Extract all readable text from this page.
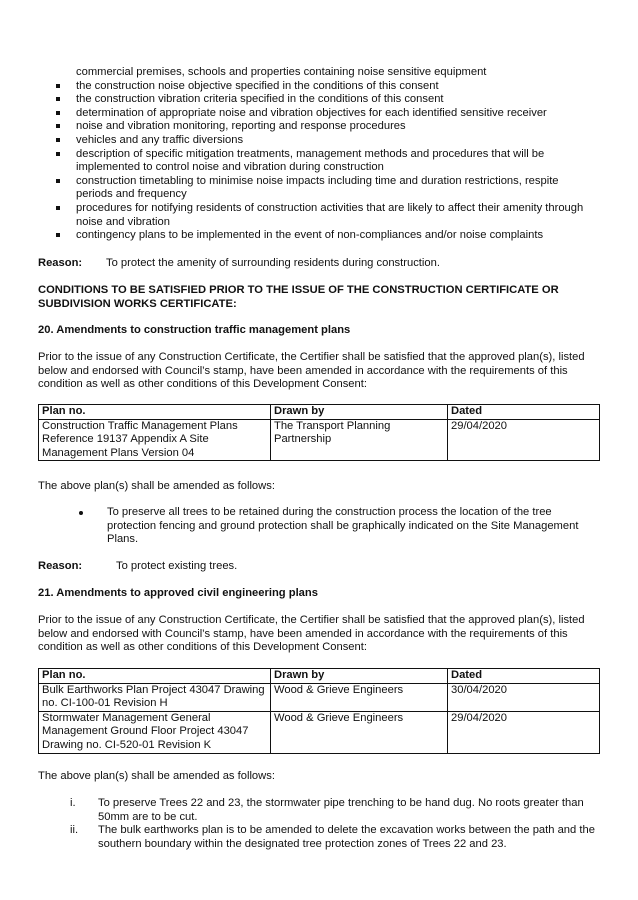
commercial premises, schools and properties containing noise sensitive equipment
the construction noise objective specified in the conditions of this consent
the construction vibration criteria specified in the conditions of this consent
determination of appropriate noise and vibration objectives for each identified sensitive receiver
noise and vibration monitoring, reporting and response procedures
vehicles and any traffic diversions
description of specific mitigation treatments, management methods and procedures that will be implemented to control noise and vibration during construction
construction timetabling to minimise noise impacts including time and duration restrictions, respite periods and frequency
procedures for notifying residents of construction activities that are likely to affect their amenity through noise and vibration
contingency plans to be implemented in the event of non-compliances and/or noise complaints
Reason: To protect the amenity of surrounding residents during construction.
CONDITIONS TO BE SATISFIED PRIOR TO THE ISSUE OF THE CONSTRUCTION CERTIFICATE OR SUBDIVISION WORKS CERTIFICATE:
20. Amendments to construction traffic management plans
Prior to the issue of any Construction Certificate, the Certifier shall be satisfied that the approved plan(s), listed below and endorsed with Council’s stamp, have been amended in accordance with the requirements of this condition as well as other conditions of this Development Consent:
Plan no.	Drawn by	Dated
Construction Traffic Management Plans Reference 19137 Appendix A Site Management Plans Version 04	The Transport Planning Partnership	29/04/2020
The above plan(s) shall be amended as follows:
To preserve all trees to be retained during the construction process the location of the tree protection fencing and ground protection shall be graphically indicated on the Site Management Plans.
Reason:	To protect existing trees.
21. Amendments to approved civil engineering plans
Prior to the issue of any Construction Certificate, the Certifier shall be satisfied that the approved plan(s), listed below and endorsed with Council’s stamp, have been amended in accordance with the requirements of this condition as well as other conditions of this Development Consent:
Plan no.	Drawn by	Dated
Bulk Earthworks Plan Project 43047 Drawing no. CI-100-01 Revision H	Wood & Grieve Engineers	30/04/2020
Stormwater Management General Management Ground Floor Project 43047 Drawing no. CI-520-01 Revision K	Wood & Grieve Engineers	29/04/2020
The above plan(s) shall be amended as follows:
i. To preserve Trees 22 and 23, the stormwater pipe trenching to be hand dug. No roots greater than 50mm are to be cut.
ii. The bulk earthworks plan is to be amended to delete the excavation works between the path and the southern boundary within the designated tree protection zones of Trees 22 and 23.
